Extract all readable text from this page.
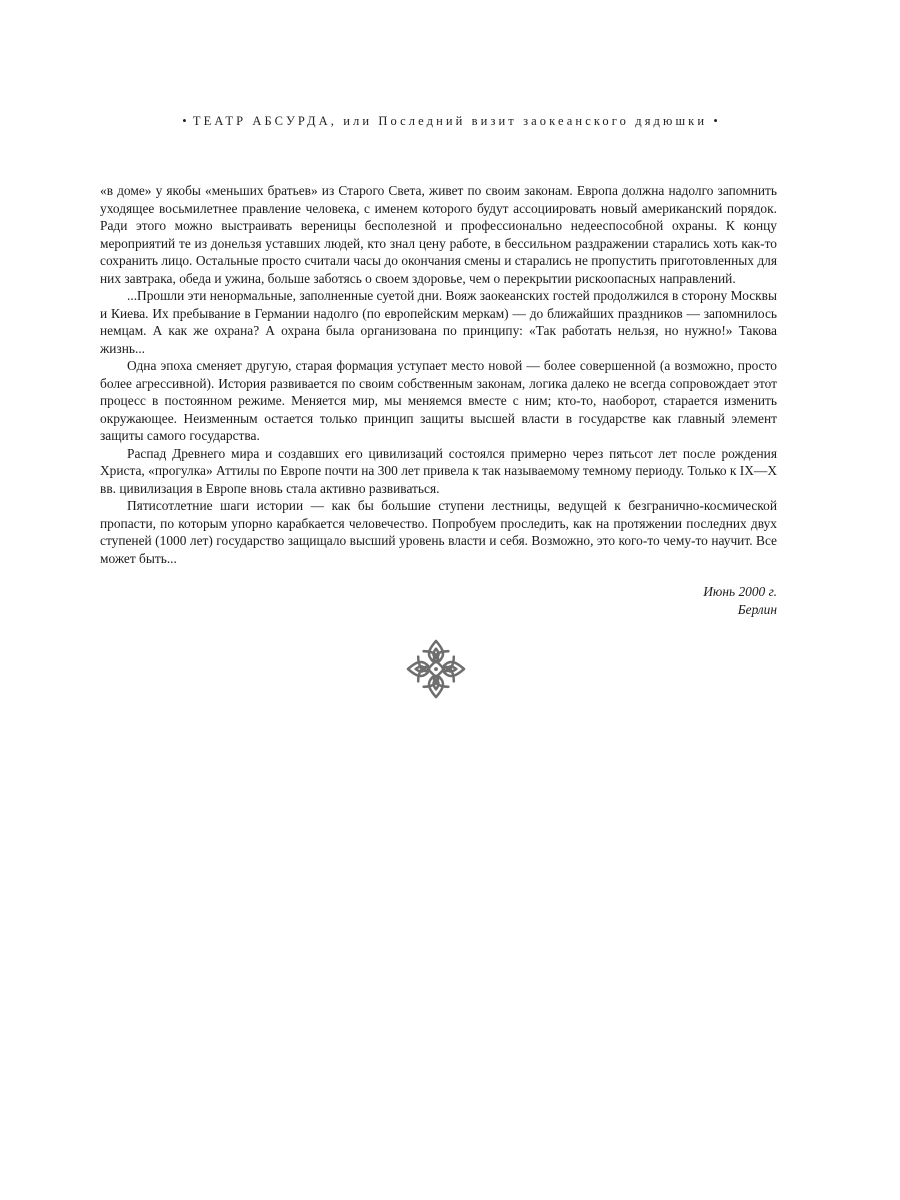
• ТЕАТР АБСУРДА, или Последний визит заокеанского дядюшки •

«в доме» у якобы «меньших братьев» из Старого Света, живет по своим законам. Европа должна надолго запомнить уходящее восьмилетнее правление человека, с именем которого будут ассоциировать новый американский порядок. Ради этого можно выстраивать вереницы бесполезной и профессионально недееспособной охраны. К концу мероприятий те из донельзя уставших людей, кто знал цену работе, в бессильном раздражении старались хоть как-то сохранить лицо. Остальные просто считали часы до окончания смены и старались не пропустить приготовленных для них завтрака, обеда и ужина, больше заботясь о своем здоровье, чем о перекрытии рискоопасных направлений.

...Прошли эти ненормальные, заполненные суетой дни. Вояж заокеанских гостей продолжился в сторону Москвы и Киева. Их пребывание в Германии надолго (по европейским меркам) — до ближайших праздников — запомнилось немцам. А как же охрана? А охрана была организована по принципу: «Так работать нельзя, но нужно!» Такова жизнь...

Одна эпоха сменяет другую, старая формация уступает место новой — более совершенной (а возможно, просто более агрессивной). История развивается по своим собственным законам, логика далеко не всегда сопровождает этот процесс в постоянном режиме. Меняется мир, мы меняемся вместе с ним; кто-то, наоборот, старается изменить окружающее. Неизменным остается только принцип защиты высшей власти в государстве как главный элемент защиты самого государства.

Распад Древнего мира и создавших его цивилизаций состоялся примерно через пятьсот лет после рождения Христа, «прогулка» Аттилы по Европе почти на 300 лет привела к так называемому темному периоду. Только к IX—X вв. цивилизация в Европе вновь стала активно развиваться.

Пятисотлетние шаги истории — как бы большие ступени лестницы, ведущей к безгранично-космической пропасти, по которым упорно карабкается человечество. Попробуем проследить, как на протяжении последних двух ступеней (1000 лет) государство защищало высший уровень власти и себя. Возможно, это кого-то чему-то научит. Все может быть...

Июнь 2000 г.
Берлин
